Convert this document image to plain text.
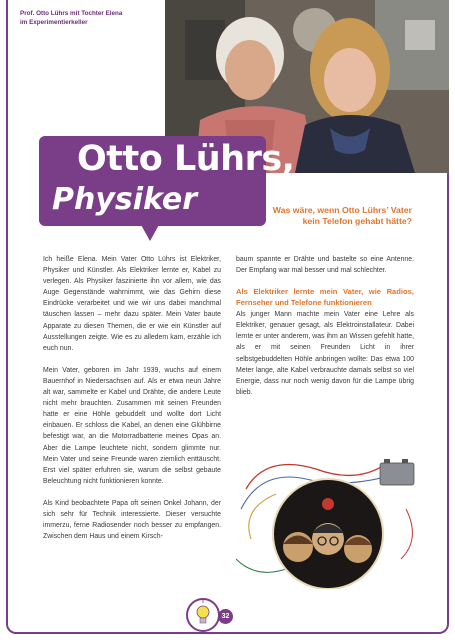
Prof. Otto Lührs mit Tochter Elena
im Experimentierkeller
Otto Lührs,
Physiker	Was wäre, wenn Otto Lührs’ Vater
kein Telefon gehabt hätte?

Ich heiße Elena. Mein Vater Otto Lührs ist Elektriker, Physiker und Künstler. Als Elektriker lernte er, Kabel zu verlegen. Als Physiker faszinierte ihn vor allem, wie das Auge Gegenstände wahrnimmt, wie das Gehirn diese Eindrücke verarbeitet und wie wir uns dabei manchmal täuschen lassen – mehr dazu später. Mein Vater baute Apparate zu diesen Themen, die er wie ein Künstler auf Ausstellungen zeigte. Wie es zu alledem kam, erzähle ich euch nun.

Mein Vater, geboren im Jahr 1939, wuchs auf einem Bauernhof in Niedersachsen auf. Als er etwa neun Jahre alt war, sammelte er Kabel und Drähte, die andere Leute nicht mehr brauchten. Zusammen mit seinen Freunden hatte er eine Höhle gebuddelt und wollte dort Licht einbauen. Er schloss die Kabel, an denen eine Glühbirne befestigt war, an die Motorradbatterie meines Opas an. Aber die Lampe leuchtete nicht, sondern glimmte nur. Mein Vater und seine Freunde waren ziemlich enttäuscht. Erst viel später erfuhren sie, warum die selbst gebaute Beleuchtung nicht funktionieren konnte.

Als Kind beobachtete Papa oft seinen Onkel Johann, der sich sehr für Technik interessierte. Dieser versuchte immerzu, ferne Radiosender noch besser zu empfangen. Zwischen dem Haus und einem Kirsch-

baum spannte er Drähte und bastelte so eine Antenne. Der Empfang war mal besser und mal schlechter.

Als Elektriker lernte mein Vater, wie Radios, Fernseher und Telefone funktionieren

Als junger Mann machte mein Vater eine Lehre als Elektriker, genauer gesagt, als Elektroinstallateur. Dabei lernte er unter anderem, was ihm an Wissen gefehlt hatte, als er mit seinen Freunden Licht in ihrer selbstgebuddelten Höhle anbringen wollte: Das etwa 100 Meter lange, alte Kabel verbrauchte damals selbst so viel Energie, dass nur noch wenig davon für die Lampe übrig blieb.

32
